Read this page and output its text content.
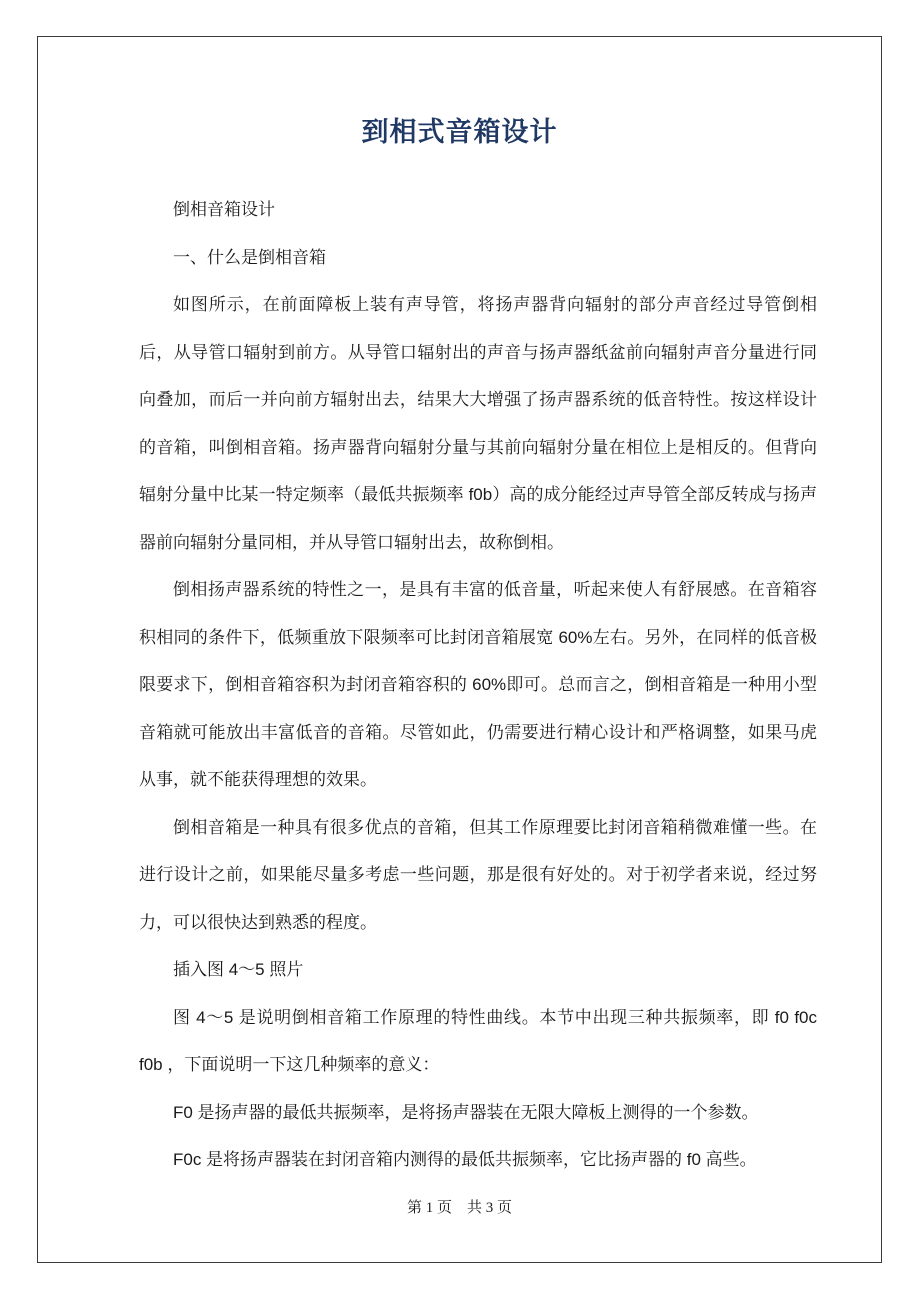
到相式音箱设计

倒相音箱设计

一、什么是倒相音箱

如图所示，在前面障板上装有声导管，将扬声器背向辐射的部分声音经过导管倒相后，从导管口辐射到前方。从导管口辐射出的声音与扬声器纸盆前向辐射声音分量进行同向叠加，而后一并向前方辐射出去，结果大大增强了扬声器系统的低音特性。按这样设计的音箱，叫倒相音箱。扬声器背向辐射分量与其前向辐射分量在相位上是相反的。但背向辐射分量中比某一特定频率（最低共振频率 f0b）高的成分能经过声导管全部反转成与扬声器前向辐射分量同相，并从导管口辐射出去，故称倒相。

倒相扬声器系统的特性之一，是具有丰富的低音量，听起来使人有舒展感。在音箱容积相同的条件下，低频重放下限频率可比封闭音箱展宽 60%左右。另外，在同样的低音极限要求下，倒相音箱容积为封闭音箱容积的 60%即可。总而言之，倒相音箱是一种用小型音箱就可能放出丰富低音的音箱。尽管如此，仍需要进行精心设计和严格调整，如果马虎从事，就不能获得理想的效果。

倒相音箱是一种具有很多优点的音箱，但其工作原理要比封闭音箱稍微难懂一些。在进行设计之前，如果能尽量多考虑一些问题，那是很有好处的。对于初学者来说，经过努力，可以很快达到熟悉的程度。

插入图 4～5 照片

图 4～5 是说明倒相音箱工作原理的特性曲线。本节中出现三种共振频率，即 f0 f0c f0b ，下面说明一下这几种频率的意义：

F0 是扬声器的最低共振频率，是将扬声器装在无限大障板上测得的一个参数。

F0c 是将扬声器装在封闭音箱内测得的最低共振频率，它比扬声器的 f0 高些。

第 1 页　共 3 页
